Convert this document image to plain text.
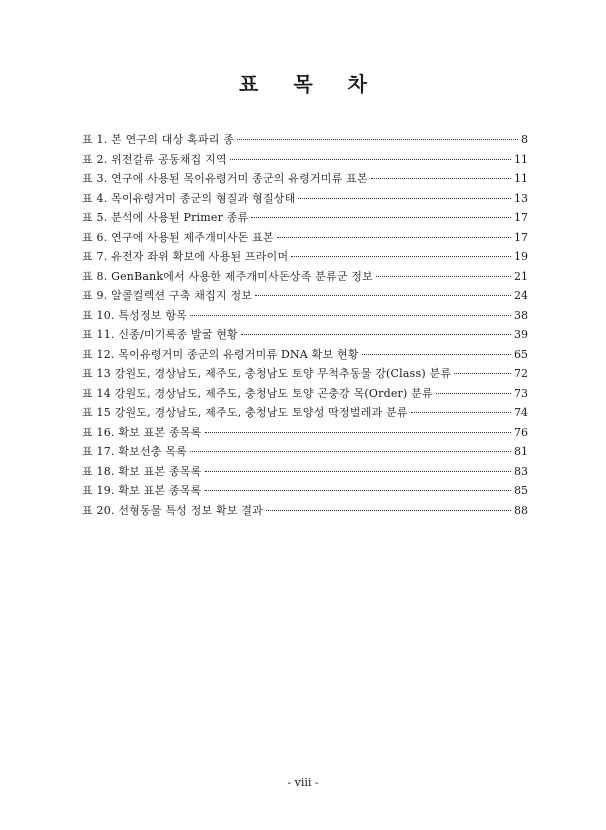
표 목 차
표 1. 본 연구의 대상 혹파리 종	8
표 2. 위전갈류 공동채집 지역	11
표 3. 연구에 사용된 목이유령거미 종군의 유령거미류 표본	11
표 4. 목이유령거미 종군의 형질과 형질상태	13
표 5. 분석에 사용된 Primer 종류	17
표 6. 연구에 사용된 제주개미사돈 표본	17
표 7. 유전자 좌위 확보에 사용된 프라이머	19
표 8. GenBank에서 사용한 제주개미사돈상족 분류군 정보	21
표 9. 알콜컬렉션 구축 채집지 정보	24
표 10. 특성정보 항목	38
표 11. 신종/미기록종 발굴 현황	39
표 12. 목이유령거미 종군의 유령거미류 DNA 확보 현황	65
표 13 강원도, 경상남도, 제주도, 충청남도 토양 무척추동물 강(Class) 분류	72
표 14 강원도, 경상남도, 제주도, 충청남도 토양 곤충강 목(Order) 분류	73
표 15 강원도, 경상남도, 제주도, 충청남도 토양성 딱정벌레과 분류	74
표 16. 확보 표본 종목록	76
표 17. 확보선충 목록	81
표 18. 확보 표본 종목록	83
표 19. 확보 표본 종목록	85
표 20. 선형동물 특성 정보 확보 결과	88
- viii -
